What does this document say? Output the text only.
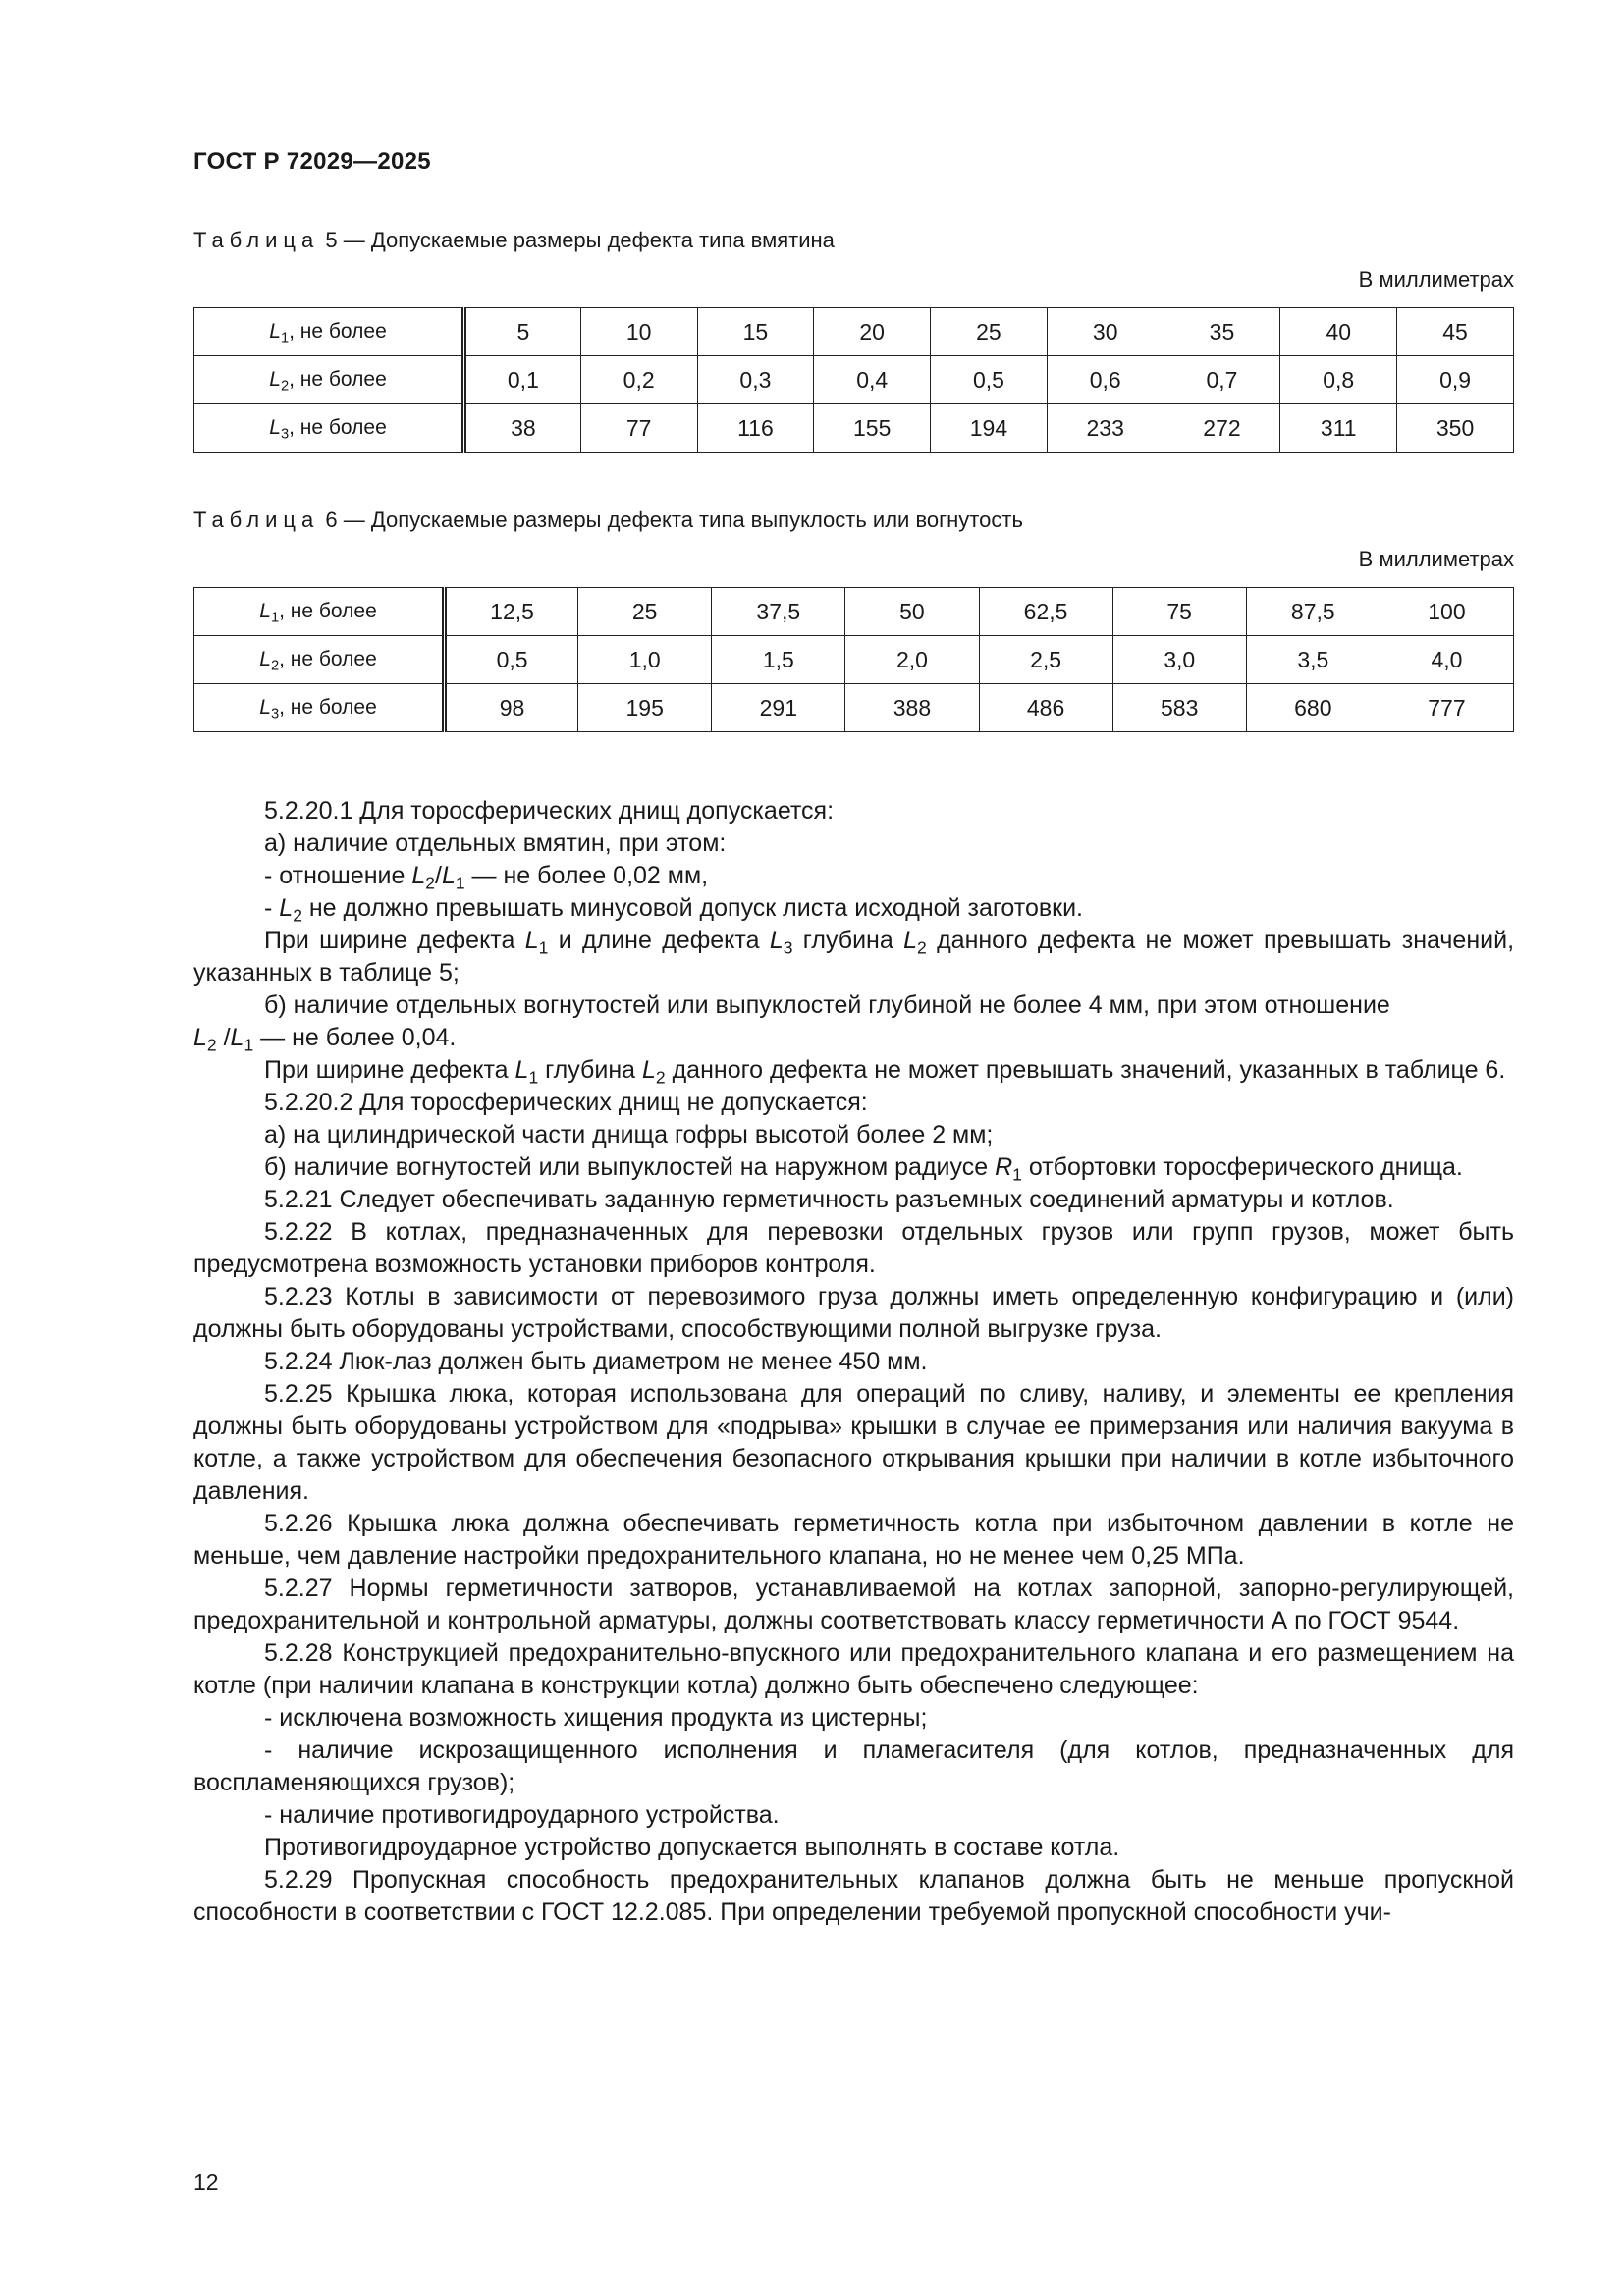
ГОСТ Р 72029—2025
Таблица 5 — Допускаемые размеры дефекта типа вмятина
В миллиметрах
$L_1$, не более	5	10	15	20	25	30	35	40	45
$L_2$, не более	0,1	0,2	0,3	0,4	0,5	0,6	0,7	0,8	0,9
$L_3$, не более	38	77	116	155	194	233	272	311	350
Таблица 6 — Допускаемые размеры дефекта типа выпуклость или вогнутость
В миллиметрах
$L_1$, не более	12,5	25	37,5	50	62,5	75	87,5	100
$L_2$, не более	0,5	1,0	1,5	2,0	2,5	3,0	3,5	4,0
$L_3$, не более	98	195	291	388	486	583	680	777

5.2.20.1 Для торосферических днищ допускается:

а) наличие отдельных вмятин, при этом:

- отношение $L_2/L_1$ — не более 0,02 мм,

- $L_2$ не должно превышать минусовой допуск листа исходной заготовки.

При ширине дефекта $L_1$ и длине дефекта $L_3$ глубина $L_2$ данного дефекта не может превышать значений, указанных в таблице 5;

б) наличие отдельных вогнутостей или выпуклостей глубиной не более 4 мм, при этом отношение

$L_2$ $/L_1$ — не более 0,04.

При ширине дефекта $L_1$ глубина $L_2$ данного дефекта не может превышать значений, указанных в таблице 6.

5.2.20.2 Для торосферических днищ не допускается:

а) на цилиндрической части днища гофры высотой более 2 мм;

б) наличие вогнутостей или выпуклостей на наружном радиусе $R_1$ отбортовки торосферического днища.

5.2.21 Следует обеспечивать заданную герметичность разъемных соединений арматуры и котлов.

5.2.22 В котлах, предназначенных для перевозки отдельных грузов или групп грузов, может быть предусмотрена возможность установки приборов контроля.

5.2.23 Котлы в зависимости от перевозимого груза должны иметь определенную конфигурацию и (или) должны быть оборудованы устройствами, способствующими полной выгрузке груза.

5.2.24 Люк-лаз должен быть диаметром не менее 450 мм.

5.2.25 Крышка люка, которая использована для операций по сливу, наливу, и элементы ее крепления должны быть оборудованы устройством для «подрыва» крышки в случае ее примерзания или наличия вакуума в котле, а также устройством для обеспечения безопасного открывания крышки при наличии в котле избыточного давления.

5.2.26 Крышка люка должна обеспечивать герметичность котла при избыточном давлении в котле не меньше, чем давление настройки предохранительного клапана, но не менее чем 0,25 МПа.

5.2.27 Нормы герметичности затворов, устанавливаемой на котлах запорной, запорно-регулирующей, предохранительной и контрольной арматуры, должны соответствовать классу герметичности А по ГОСТ 9544.

5.2.28 Конструкцией предохранительно-впускного или предохранительного клапана и его размещением на котле (при наличии клапана в конструкции котла) должно быть обеспечено следующее:

- исключена возможность хищения продукта из цистерны;

- наличие искрозащищенного исполнения и пламегасителя (для котлов, предназначенных для воспламеняющихся грузов);

- наличие противогидроударного устройства.

Противогидроударное устройство допускается выполнять в составе котла.

5.2.29 Пропускная способность предохранительных клапанов должна быть не меньше пропускной способности в соответствии с ГОСТ 12.2.085. При определении требуемой пропускной способности учи-

12
